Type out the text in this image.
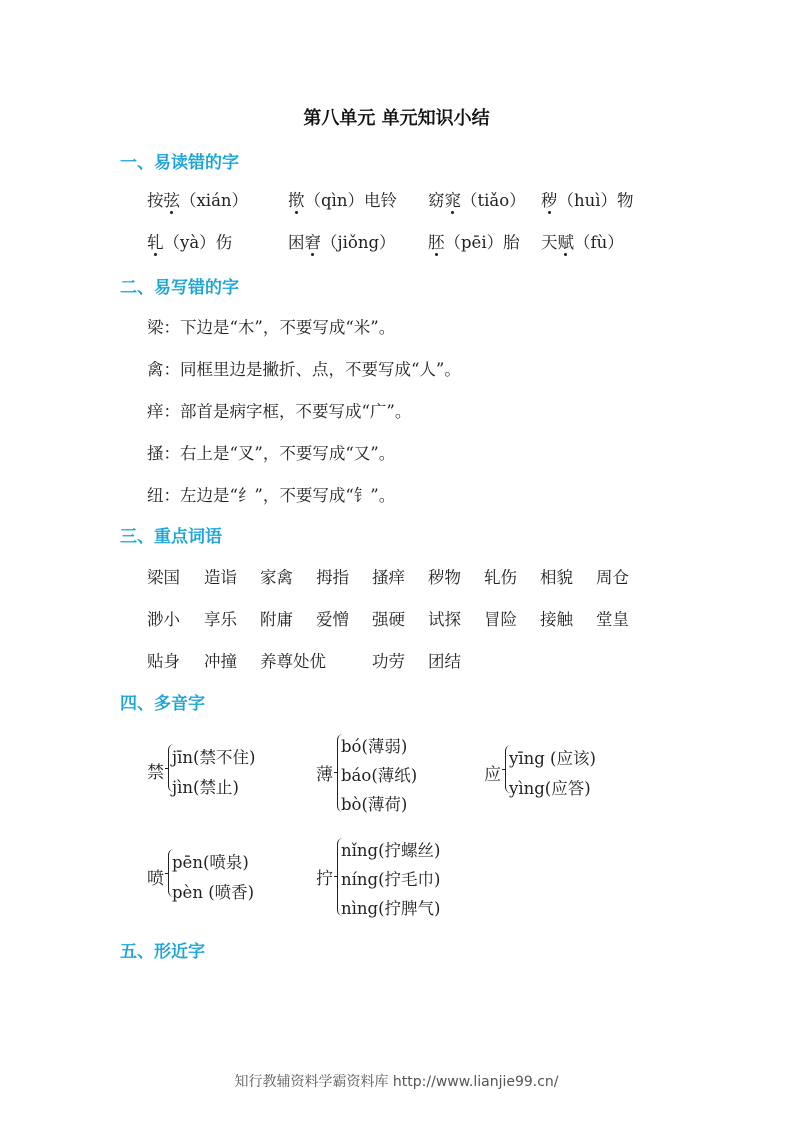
第八单元 单元知识小结
一、易读错的字
按弦（xián） 揿（qìn）电铃 窈窕（tiǎo） 秽（huì）物
轧（yà）伤	困窘（jiǒng） 胚（pēi）胎 天赋（fù）
二、易写错的字
梁：下边是“木”，不要写成“米”。
禽：同框里边是撇折、点，不要写成“人”。
痒：部首是病字框，不要写成“广”。
搔：右上是“叉”，不要写成“又”。
纽：左边是“纟”，不要写成“钅”。
三、重点词语
梁国 造诣 家禽 拇指 搔痒 秽物 轧伤 相貌 周仓
渺小 享乐 附庸 爱憎 强硬 试探 冒险 接触 堂皇
贴身 冲撞 养尊处优	功劳 团结
四、多音字
禁
jīn(禁不住)
jìn(禁止)
薄
bó(薄弱)
báo(薄纸)
bò(薄荷)
应
yīng (应该)
yìng(应答)
喷
pēn(喷泉)
pèn (喷香)
拧
nǐng(拧螺丝)
níng(拧毛巾)
nìng(拧脾气)
五、形近字
知行教辅资料学霸资料库 http://www.lianjie99.cn/
